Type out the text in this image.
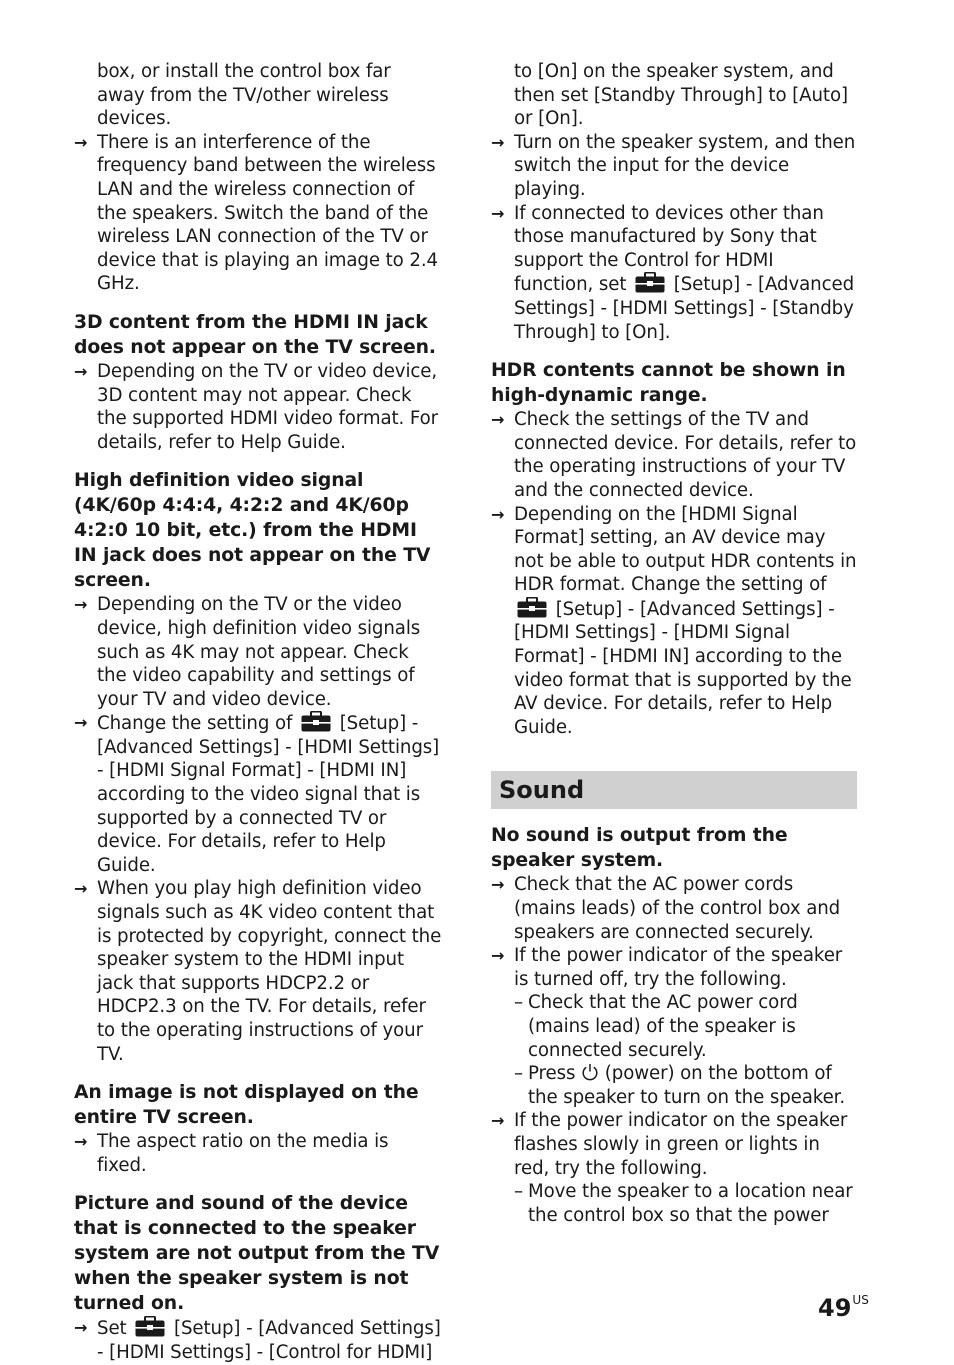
box, or install the control box far away from the TV/other wireless devices.

→ There is an interference of the frequency band between the wireless LAN and the wireless connection of the speakers. Switch the band of the wireless LAN connection of the TV or device that is playing an image to 2.4 GHz.

3D content from the HDMI IN jack does not appear on the TV screen.

→ Depending on the TV or video device, 3D content may not appear. Check the supported HDMI video format. For details, refer to Help Guide.

High definition video signal (4K/60p 4:4:4, 4:2:2 and 4K/60p 4:2:0 10 bit, etc.) from the HDMI IN jack does not appear on the TV screen.

→ Depending on the TV or the video device, high definition video signals such as 4K may not appear. Check the video capability and settings of your TV and video device.
→ Change the setting of	[Setup] - [Advanced Settings] - [HDMI Settings] - [HDMI Signal Format] - [HDMI IN] according to the video signal that is supported by a connected TV or device. For details, refer to Help Guide.
→ When you play high definition video signals such as 4K video content that is protected by copyright, connect the speaker system to the HDMI input jack that supports HDCP2.2 or HDCP2.3 on the TV. For details, refer to the operating instructions of your TV.

An image is not displayed on the entire TV screen.

→ The aspect ratio on the media is fixed.

Picture and sound of the device that is connected to the speaker system are not output from the TV when the speaker system is not turned on.

→ Set	[Setup] - [Advanced Settings] - [HDMI Settings] - [Control for HDMI]

to [On] on the speaker system, and then set [Standby Through] to [Auto] or [On].

→ Turn on the speaker system, and then switch the input for the device playing.
→ If connected to devices other than those manufactured by Sony that support the Control for HDMI function, set	[Setup] - [Advanced Settings] - [HDMI Settings] - [Standby Through] to [On].

HDR contents cannot be shown in high-dynamic range.

→ Check the settings of the TV and connected device. For details, refer to the operating instructions of your TV and the connected device.
→ Depending on the [HDMI Signal Format] setting, an AV device may not be able to output HDR contents in HDR format. Change the setting of  [Setup] - [Advanced Settings] - [HDMI Settings] - [HDMI Signal Format] - [HDMI IN] according to the video format that is supported by the AV device. For details, refer to Help Guide.
Sound

No sound is output from the speaker system.

→ Check that the AC power cords (mains leads) of the control box and speakers are connected securely.
→ If the power indicator of the speaker is turned off, try the following.
– Check that the AC power cord (mains lead) of the speaker is connected securely.
– Press (power) on the bottom of the speaker to turn on the speaker.
→ If the power indicator on the speaker flashes slowly in green or lights in red, try the following.
– Move the speaker to a location near the control box so that the power
$49^{US}$
